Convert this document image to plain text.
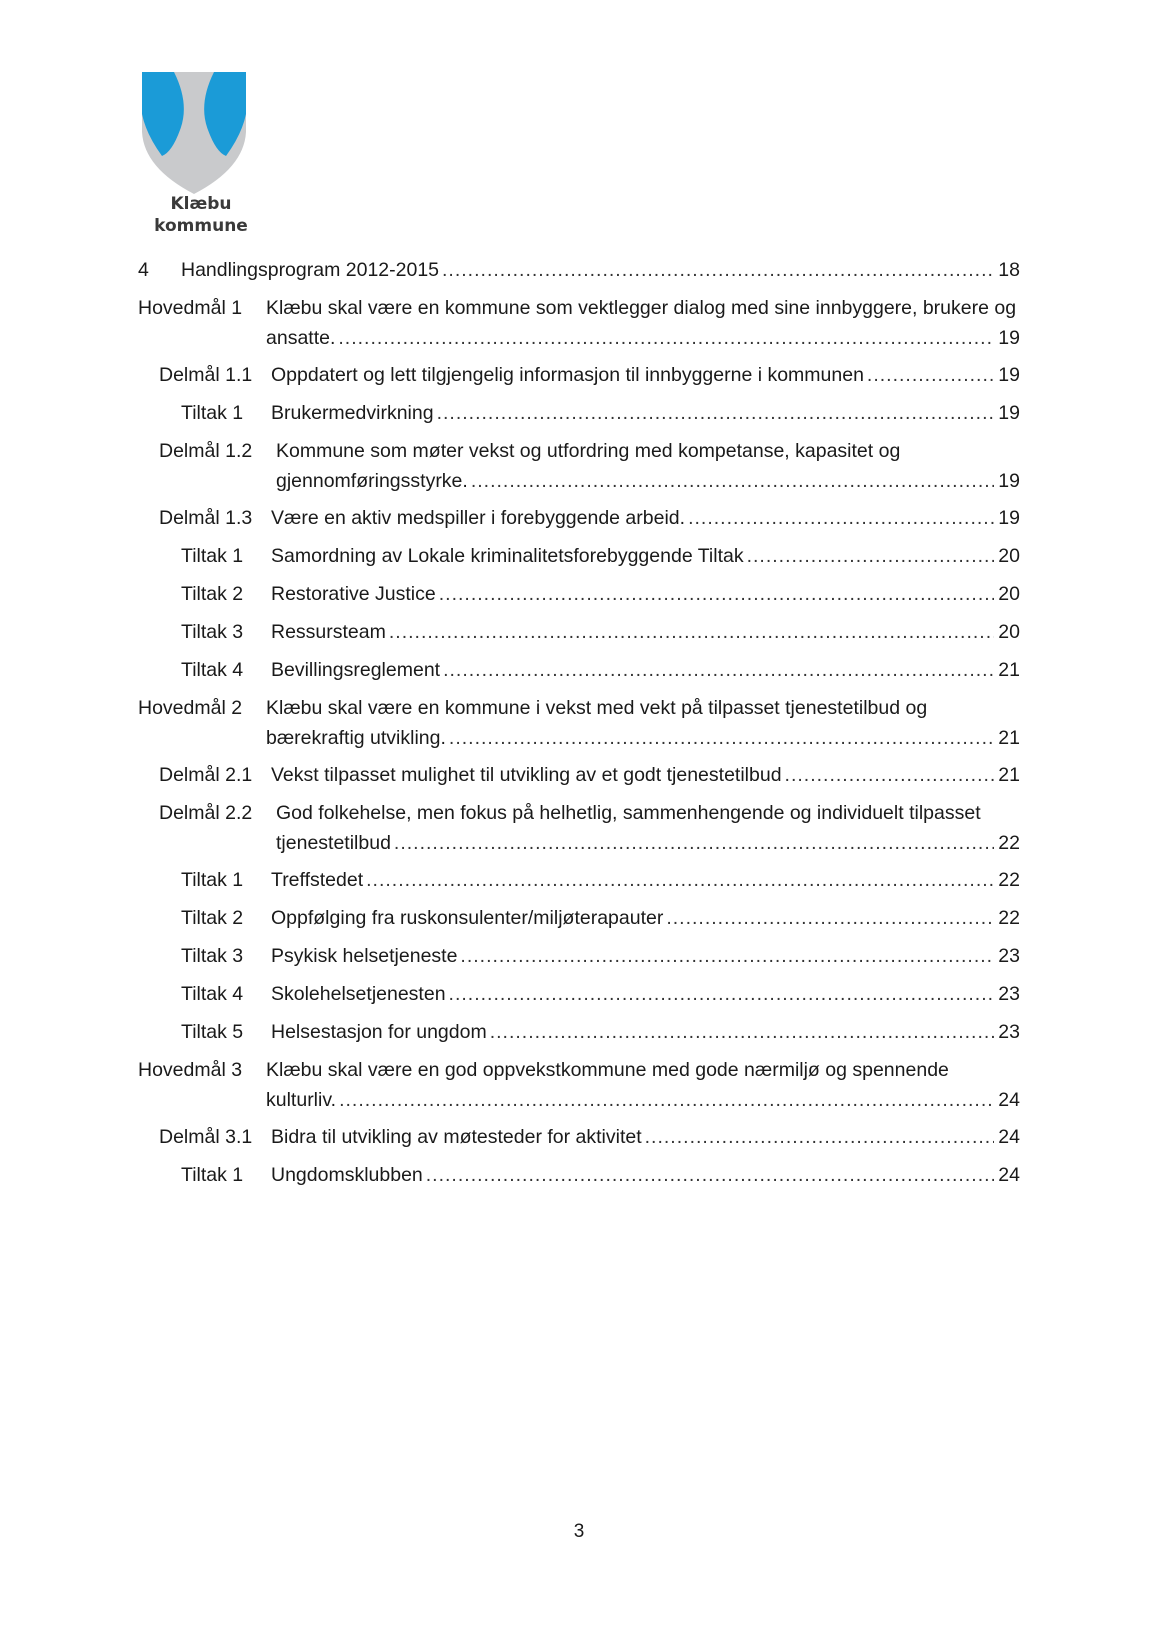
Klæbu
kommune
4 Handlingsprogram 2012-2015 .....	18
Hovedmål 1 Klæbu skal være en kommune som vektlegger dialog med sine innbyggere, brukere og
ansatte. .....	19
Delmål 1.1 Oppdatert og lett tilgjengelig informasjon til innbyggerne i kommunen .....	19
Tiltak 1 Brukermedvirkning .....	19
Delmål 1.2 Kommune som møter vekst og utfordring med kompetanse, kapasitet og
gjennomføringsstyrke. .....	19
Delmål 1.3 Være en aktiv medspiller i forebyggende arbeid. .....	19
Tiltak 1 Samordning av Lokale kriminalitetsforebyggende Tiltak .....	20
Tiltak 2 Restorative Justice .....	20
Tiltak 3 Ressursteam .....	20
Tiltak 4 Bevillingsreglement .....	21
Hovedmål 2 Klæbu skal være en kommune i vekst med vekt på tilpasset tjenestetilbud og
bærekraftig utvikling. .....	21
Delmål 2.1 Vekst tilpasset mulighet til utvikling av et godt tjenestetilbud .....	21
Delmål 2.2 God folkehelse, men fokus på helhetlig, sammenhengende og individuelt tilpasset
tjenestetilbud .....	22
Tiltak 1 Treffstedet .....	22
Tiltak 2 Oppfølging fra ruskonsulenter/miljøterapauter .....	22
Tiltak 3 Psykisk helsetjeneste .....	23
Tiltak 4 Skolehelsetjenesten .....	23
Tiltak 5 Helsestasjon for ungdom .....	23
Hovedmål 3 Klæbu skal være en god oppvekstkommune med gode nærmiljø og spennende
kulturliv. .....	24
Delmål 3.1 Bidra til utvikling av møtesteder for aktivitet .....	24
Tiltak 1 Ungdomsklubben .....	24
3
